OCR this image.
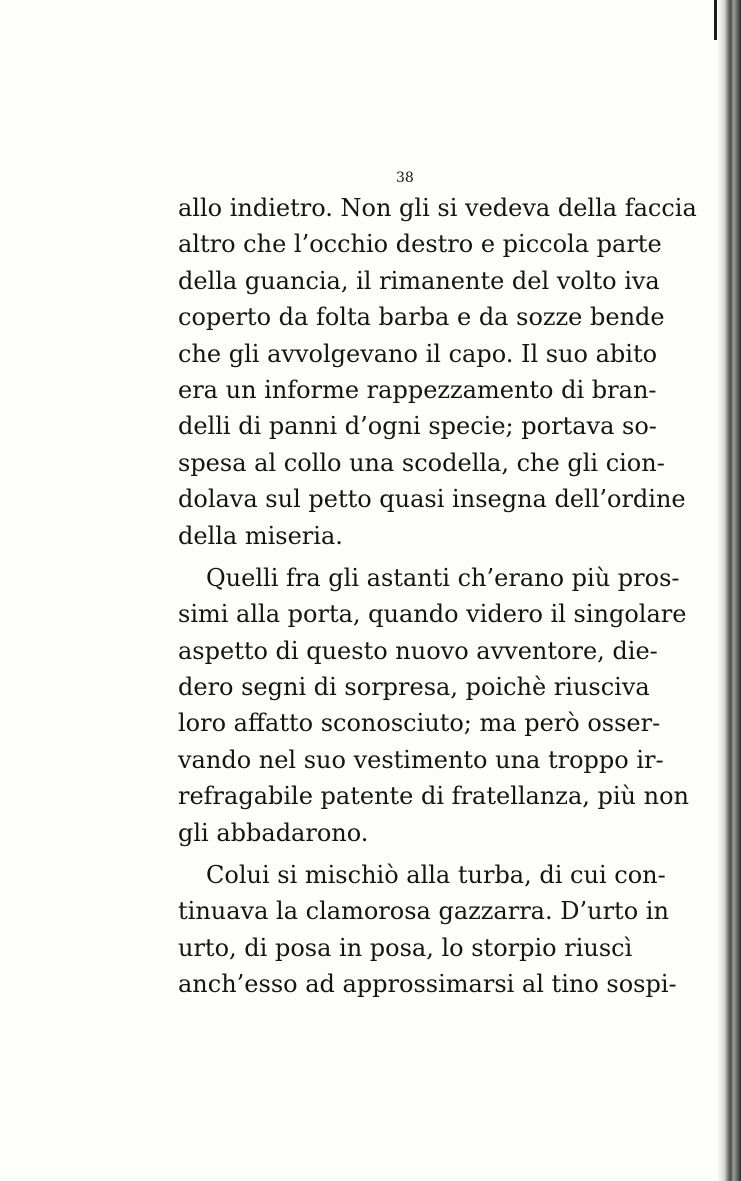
38
allo indietro. Non gli si vedeva della faccia
altro che l’occhio destro e piccola parte
della guancia, il rimanente del volto iva
coperto da folta barba e da sozze bende
che gli avvolgevano il capo. Il suo abito
era un informe rappezzamento di bran-
delli di panni d’ogni specie; portava so-
spesa al collo una scodella, che gli cion-
dolava sul petto quasi insegna dell’ordine
della miseria.
Quelli fra gli astanti ch’erano più pros-
simi alla porta, quando videro il singolare
aspetto di questo nuovo avventore, die-
dero segni di sorpresa, poichè riusciva
loro affatto sconosciuto; ma però osser-
vando nel suo vestimento una troppo ir-
refragabile patente di fratellanza, più non
gli abbadarono.
Colui si mischiò alla turba, di cui con-
tinuava la clamorosa gazzarra. D’urto in
urto, di posa in posa, lo storpio riuscì
anch’esso ad approssimarsi al tino sospi-
